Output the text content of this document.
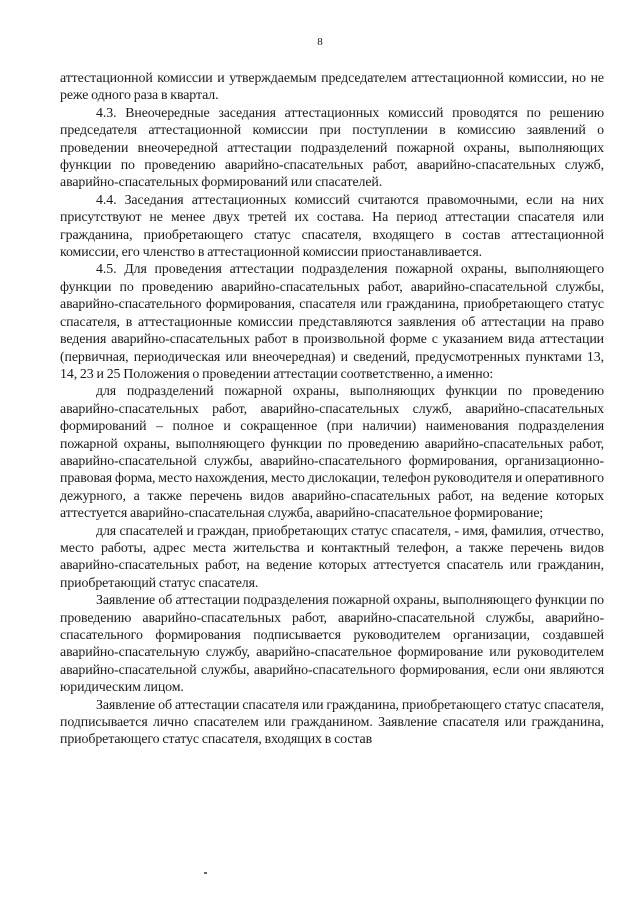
8

аттестационной комиссии и утверждаемым председателем аттестационной комиссии, но не реже одного раза в квартал.

4.3. Внеочередные заседания аттестационных комиссий проводятся по решению председателя аттестационной комиссии при поступлении в комиссию заявлений о проведении внеочередной аттестации подразделений пожарной охраны, выполняющих функции по проведению аварийно-спасательных работ, аварийно-спасательных служб, аварийно-спасательных формирований или спасателей.

4.4. Заседания аттестационных комиссий считаются правомочными, если на них присутствуют не менее двух третей их состава. На период аттестации спасателя или гражданина, приобретающего статус спасателя, входящего в состав аттестационной комиссии, его членство в аттестационной комиссии приостанавливается.

4.5. Для проведения аттестации подразделения пожарной охраны, выполняющего функции по проведению аварийно-спасательных работ, аварийно-спасательной службы, аварийно-спасательного формирования, спасателя или гражданина, приобретающего статус спасателя, в аттестационные комиссии представляются заявления об аттестации на право ведения аварийно-спасательных работ в произвольной форме с указанием вида аттестации (первичная, периодическая или внеочередная) и сведений, предусмотренных пунктами 13, 14, 23 и 25 Положения о проведении аттестации соответственно, а именно:

для подразделений пожарной охраны, выполняющих функции по проведению аварийно-спасательных работ, аварийно-спасательных служб, аварийно-спасательных формирований – полное и сокращенное (при наличии) наименования подразделения пожарной охраны, выполняющего функции по проведению аварийно-спасательных работ, аварийно-спасательной службы, аварийно-спасательного формирования, организационно-правовая форма, место нахождения, место дислокации, телефон руководителя и оперативного дежурного, а также перечень видов аварийно-спасательных работ, на ведение которых аттестуется аварийно-спасательная служба, аварийно-спасательное формирование;

для спасателей и граждан, приобретающих статус спасателя, - имя, фамилия, отчество, место работы, адрес места жительства и контактный телефон, а также перечень видов аварийно-спасательных работ, на ведение которых аттестуется спасатель или гражданин, приобретающий статус спасателя.

Заявление об аттестации подразделения пожарной охраны, выполняющего функции по проведению аварийно-спасательных работ, аварийно-спасательной службы, аварийно-спасательного формирования подписывается руководителем организации, создавшей аварийно-спасательную службу, аварийно-спасательное формирование или руководителем аварийно-спасательной службы, аварийно-спасательного формирования, если они являются юридическим лицом.

Заявление об аттестации спасателя или гражданина, приобретающего статус спасателя, подписывается лично спасателем или гражданином. Заявление спасателя или гражданина, приобретающего статус спасателя, входящих в состав
